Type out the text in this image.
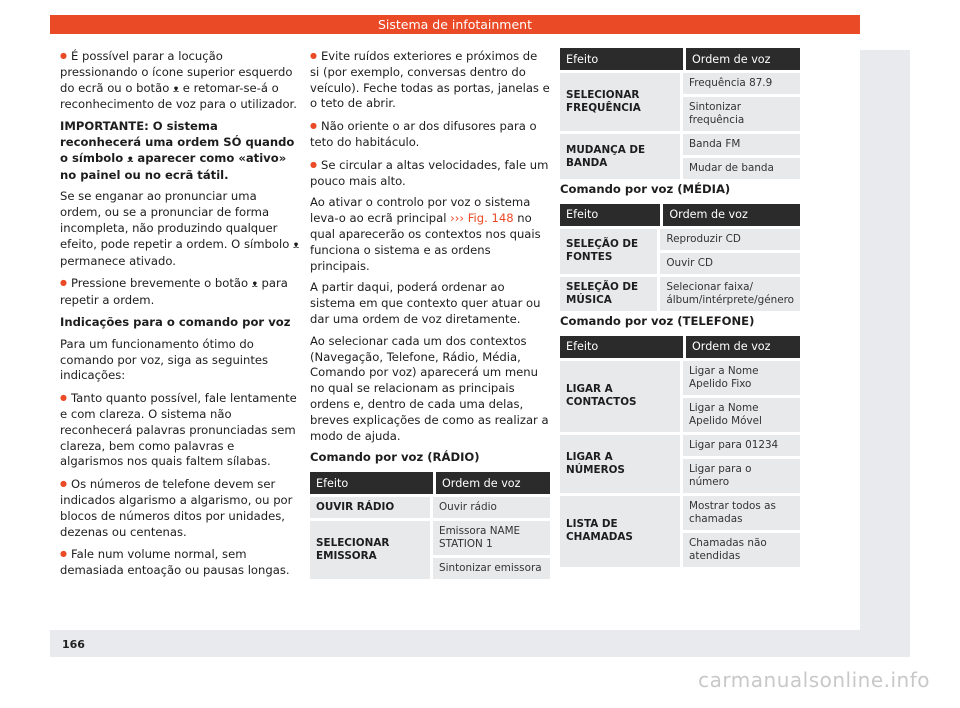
Sistema de infotainment

● É possível parar a locução pressionando o ícone superior esquerdo do ecrã ou o botão ᴥ e retomar-se-á o reconhecimento de voz para o utilizador.

IMPORTANTE: O sistema reconhecerá uma ordem SÓ quando o símbolo ᴥ aparecer como «ativo» no painel ou no ecrã tátil.

Se se enganar ao pronunciar uma ordem, ou se a pronunciar de forma incompleta, não produzindo qualquer efeito, pode repetir a ordem. O símbolo ᴥ permanece ativado.

● Pressione brevemente o botão ᴥ para repetir a ordem.

Indicações para o comando por voz

Para um funcionamento ótimo do comando por voz, siga as seguintes indicações:

● Tanto quanto possível, fale lentamente e com clareza. O sistema não reconhecerá palavras pronunciadas sem clareza, bem como palavras e algarismos nos quais faltem sílabas.

● Os números de telefone devem ser indicados algarismo a algarismo, ou por blocos de números ditos por unidades, dezenas ou centenas.

● Fale num volume normal, sem demasiada entoação ou pausas longas.

● Evite ruídos exteriores e próximos de si (por exemplo, conversas dentro do veículo). Feche todas as portas, janelas e o teto de abrir.

● Não oriente o ar dos difusores para o teto do habitáculo.

● Se circular a altas velocidades, fale um pouco mais alto.

Ao ativar o controlo por voz o sistema leva-o ao ecrã principal ››› Fig. 148 no qual aparecerão os contextos nos quais funciona o sistema e as ordens principais.

A partir daqui, poderá ordenar ao sistema em que contexto quer atuar ou dar uma ordem de voz diretamente.

Ao selecionar cada um dos contextos (Navegação, Telefone, Rádio, Média, Comando por voz) aparecerá um menu no qual se relacionam as principais ordens e, dentro de cada uma delas, breves explicações de como as realizar a modo de ajuda.

Comando por voz (RÁDIO)

Efeito	Ordem de voz
OUVIR RÁDIO	Ouvir rádio
SELECIONAR EMISSORA	Emissora NAME STATION 1
	Sintonizar emissora
Efeito	Ordem de voz
SELECIONAR FREQUÊNCIA	Frequência 87.9
	Sintonizar frequência
MUDANÇA DE BANDA	Banda FM
	Mudar de banda

Comando por voz (MÉDIA)

Efeito	Ordem de voz
SELEÇÃO DE FONTES	Reproduzir CD
	Ouvir CD
SELEÇÃO DE MÚSICA	Selecionar faixa/álbum/intérprete/género

Comando por voz (TELEFONE)

Efeito	Ordem de voz
LIGAR A CONTACTOS	Ligar a Nome Apelido Fixo
	Ligar a Nome Apelido Móvel
LIGAR A NÚMEROS	Ligar para 01234
	Ligar para o número
LISTA DE CHAMADAS	Mostrar todos as chamadas
	Chamadas não atendidas
166
carmanualsonline.info
